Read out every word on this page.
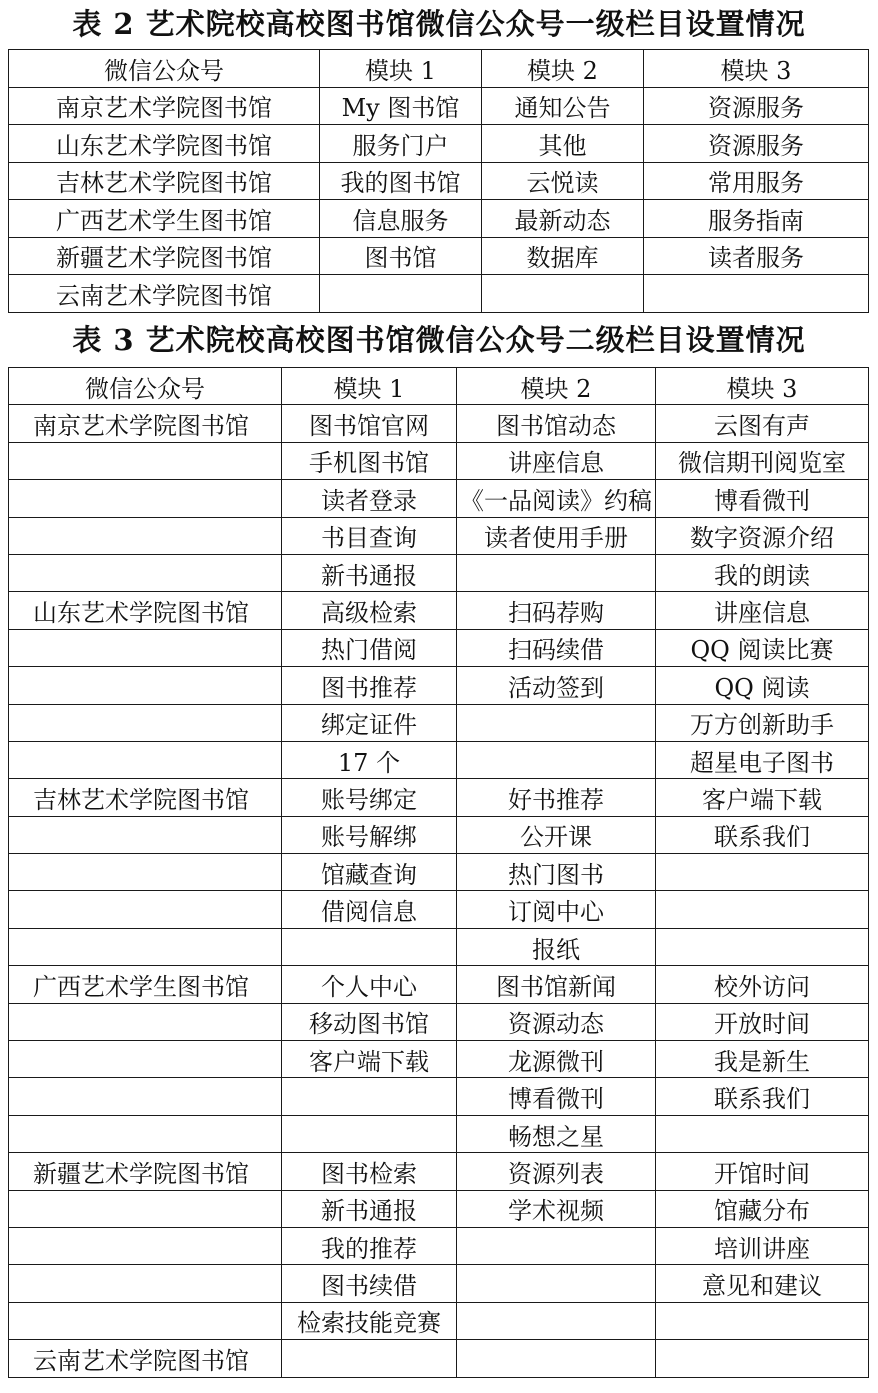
表 2 艺术院校高校图书馆微信公众号一级栏目设置情况
微信公众号	模块 1	模块 2	模块 3
南京艺术学院图书馆	My 图书馆	通知公告	资源服务
山东艺术学院图书馆	服务门户	其他	资源服务
吉林艺术学院图书馆	我的图书馆	云悦读	常用服务
广西艺术学生图书馆	信息服务	最新动态	服务指南
新疆艺术学院图书馆	图书馆	数据库	读者服务
云南艺术学院图书馆			
表 3 艺术院校高校图书馆微信公众号二级栏目设置情况
微信公众号	模块 1	模块 2	模块 3
南京艺术学院图书馆	图书馆官网	图书馆动态	云图有声
	手机图书馆	讲座信息	微信期刊阅览室
	读者登录	《一品阅读》约稿	博看微刊
	书目查询	读者使用手册	数字资源介绍
	新书通报		我的朗读
山东艺术学院图书馆	高级检索	扫码荐购	讲座信息
	热门借阅	扫码续借	QQ 阅读比赛
	图书推荐	活动签到	QQ 阅读
	绑定证件		万方创新助手
	17 个		超星电子图书
吉林艺术学院图书馆	账号绑定	好书推荐	客户端下载
	账号解绑	公开课	联系我们
	馆藏查询	热门图书	
	借阅信息	订阅中心	
		报纸	
广西艺术学生图书馆	个人中心	图书馆新闻	校外访问
	移动图书馆	资源动态	开放时间
	客户端下载	龙源微刊	我是新生
		博看微刊	联系我们
		畅想之星	
新疆艺术学院图书馆	图书检索	资源列表	开馆时间
	新书通报	学术视频	馆藏分布
	我的推荐		培训讲座
	图书续借		意见和建议
	检索技能竞赛		
云南艺术学院图书馆			
